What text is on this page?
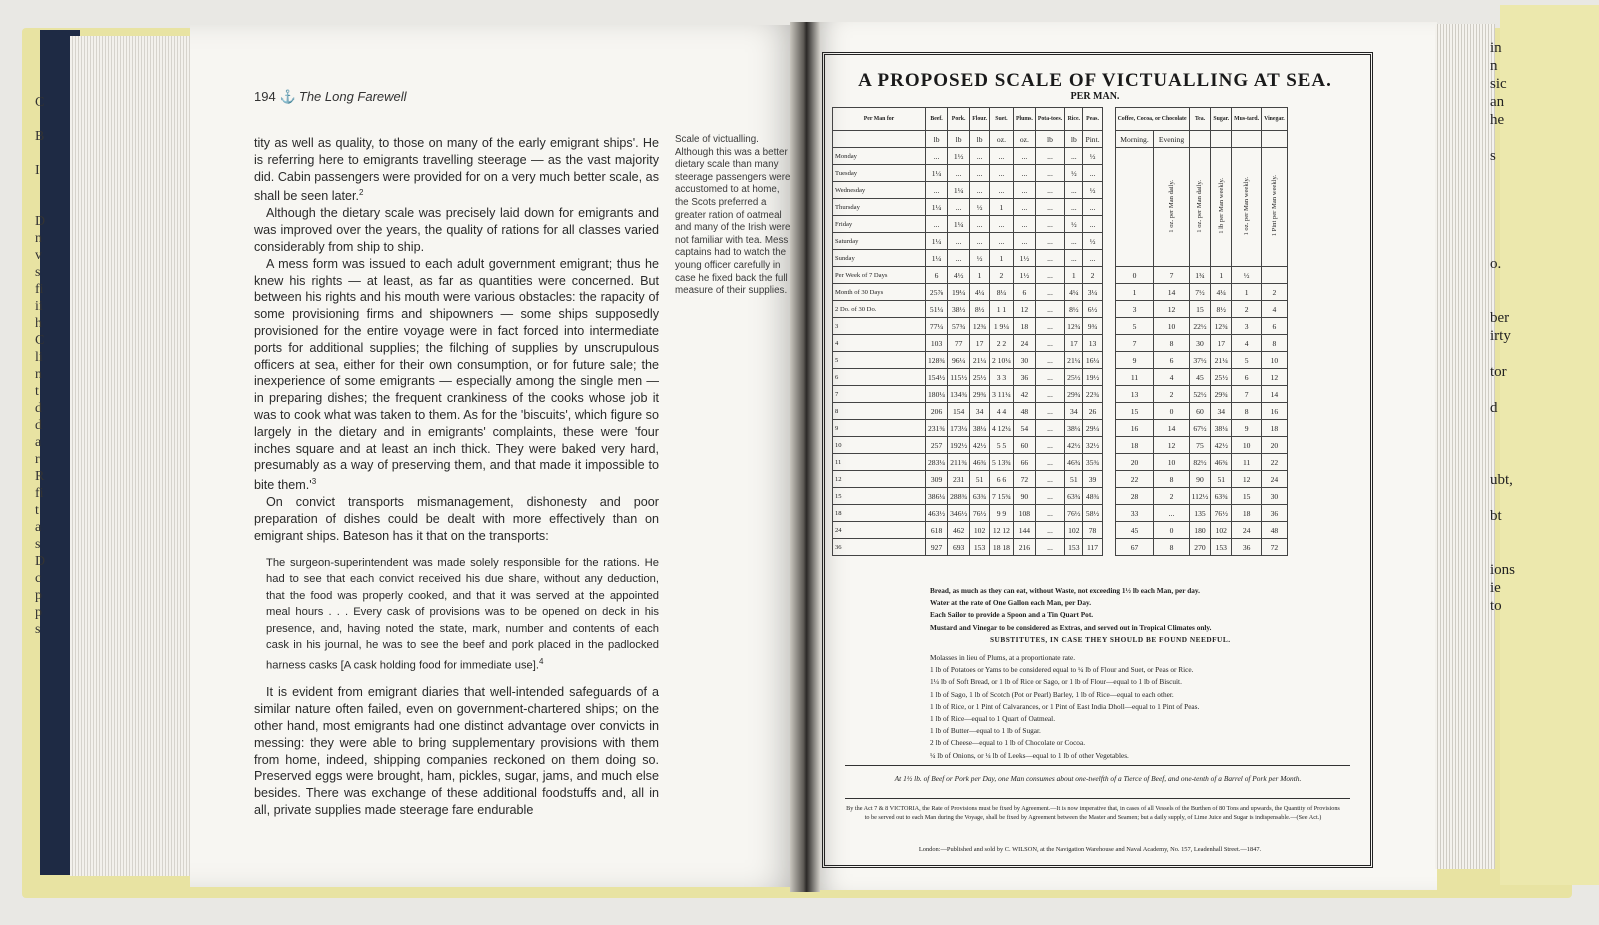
C
B
I
D
n
v
s
fi
ii
h
C
li
n
t
d
d
a
r
R
fi
t
a
s
D
c
p
p
s
in
n
sic
an
he
s
o.
ber
irty
tor
d
ubt,
bt
ions
ie
to
194 ⚓ The Long Farewell

tity as well as quality, to those on many of the early emigrant ships'. He is referring here to emigrants travelling steerage — as the vast majority did. Cabin passengers were provided for on a very much better scale, as shall be seen later.$^2$

Although the dietary scale was precisely laid down for emigrants and was improved over the years, the quality of rations for all classes varied considerably from ship to ship.

A mess form was issued to each adult government emigrant; thus he knew his rights — at least, as far as quantities were concerned. But between his rights and his mouth were various obstacles: the rapacity of some provisioning firms and shipowners — some ships supposedly provisioned for the entire voyage were in fact forced into intermediate ports for additional supplies; the filching of supplies by unscrupulous officers at sea, either for their own consumption, or for future sale; the inexperience of some emigrants — especially among the single men — in preparing dishes; the frequent crankiness of the cooks whose job it was to cook what was taken to them. As for the 'biscuits', which figure so largely in the dietary and in emigrants' complaints, these were 'four inches square and at least an inch thick. They were baked very hard, presumably as a way of preserving them, and that made it impossible to bite $them.'^3$

On convict transports mismanagement, dishonesty and poor preparation of dishes could be dealt with more effectively than on emigrant ships. Bateson has it that on the transports:

The surgeon-superintendent was made solely responsible for the rations. He had to see that each convict received his due share, without any deduction, that the food was properly cooked, and that it was served at the appointed meal hours . . . Every cask of provisions was to be opened on deck in his presence, and, having noted the state, mark, number and contents of each cask in his journal, he was to see the beef and pork placed in the padlocked harness casks [A cask holding food for immediate use].$^4$

It is evident from emigrant diaries that well-intended safeguards of a similar nature often failed, even on government-chartered ships; on the other hand, most emigrants had one distinct advantage over convicts in messing: they were able to bring supplementary provisions with them from home, indeed, shipping companies reckoned on them doing so. Preserved eggs were brought, ham, pickles, sugar, jams, and much else besides. There was exchange of these additional foodstuffs and, all in all, private supplies made steerage fare endurable

Scale of victualling. Although this was a better dietary scale than many steerage passengers were accustomed to at home, the Scots preferred a greater ration of oatmeal and many of the Irish were not familiar with tea. Mess captains had to watch the young officer carefully in case he fixed back the full measure of their supplies.
A PROPOSED SCALE OF VICTUALLING AT SEA.
PER MAN.
Per Man for	Beef.	Pork.	Flour.	Suet.	Plums.	Pota-toes.	Rice.	Peas.		Coffee, Cocoa, or Chocolate		Tea.	Sugar.	Mus-tard.	Vinegar.
	lb	lb	lb	oz.	oz.	lb	lb	Pint.		Morning.	Evening				
Monday	...	1½	...	...	...	...	...	½			1 oz. per Man daily.	1 oz. per Man daily.	1 lb per Man weekly.	1 oz. per Man weekly.	1 Pint per Man weekly.
Tuesday	1¼	...	...	...	...	...	½	...							
Wednesday	...	1¼	...	...	...	...	...	½							
Thursday	1¼	...	½	1	...	...	...	...							
Friday	...	1¼	...	...	...	...	½	...							
Saturday	1¼	...	...	...	...	...	...	½							
Sunday	1¼	...	½	1	1½	...	...	...							
Per Week of 7 Days	6	4½	1	2	1½	...	1	2		0	7	1¾	1	½	
Month of 30 Days	25⅞	19¼	4¼	8¼	6	...	4¼	3¼		1	14	7½	4¼	1	2
2 Do. of 30 Do.	51¼	38½	8½	1 1	12	...	8½	6½		3	12	15	8½	2	4
3	77¼	57¾	12¾	1 9¼	18	...	12¾	9¾		5	10	22½	12¾	3	6
4	103	77	17	2 2	24	...	17	13		7	8	30	17	4	8
5	128¾	96¼	21¼	2 10¼	30	...	21¼	16¼		9	6	37½	21¼	5	10
6	154½	115½	25½	3 3	36	...	25½	19½		11	4	45	25½	6	12
7	180¼	134¾	29¾	3 11¼	42	...	29¾	22¾		13	2	52½	29¾	7	14
8	206	154	34	4 4	48	...	34	26		15	0	60	34	8	16
9	231¾	173¼	38¼	4 12¼	54	...	38¼	29¼		16	14	67½	38¼	9	18
10	257	192½	42½	5 5	60	...	42½	32½		18	12	75	42½	10	20
11	283¼	211¾	46¾	5 13¾	66	...	46¾	35¾		20	10	82½	46¾	11	22
12	309	231	51	6 6	72	...	51	39		22	8	90	51	12	24
15	386¼	288¾	63¾	7 15¾	90	...	63¾	48¾		28	2	112½	63¾	15	30
18	463½	346½	76½	9 9	108	...	76½	58½		33	...	135	76½	18	36
24	618	462	102	12 12	144	...	102	78		45	0	180	102	24	48
36	927	693	153	18 18	216	...	153	117		67	8	270	153	36	72
Bread, as much as they can eat, without Waste, not exceeding 1½ lb each Man, per day.
Water at the rate of One Gallon each Man, per Day.
Each Sailor to provide a Spoon and a Tin Quart Pot.
Mustard and Vinegar to be considered as Extras, and served out in Tropical Climates only.
SUBSTITUTES, IN CASE THEY SHOULD BE FOUND NEEDFUL.
Molasses in lieu of Plums, at a proportionate rate.
1 lb of Potatoes or Yams to be considered equal to ¼ lb of Flour and Suet, or Peas or Rice.
1¼ lb of Soft Bread, or 1 lb of Rice or Sago, or 1 lb of Flour—equal to 1 lb of Biscuit.
1 lb of Sago, 1 lb of Scotch (Pot or Pearl) Barley, 1 lb of Rice—equal to each other.
1 lb of Rice, or 1 Pint of Calvarances, or 1 Pint of East India Dholl—equal to 1 Pint of Peas.
1 lb of Rice—equal to 1 Quart of Oatmeal.
1 lb of Butter—equal to 1 lb of Sugar.
2 lb of Cheese—equal to 1 lb of Chocolate or Cocoa.
¼ lb of Onions, or ¼ lb of Leeks—equal to 1 lb of other Vegetables.
At 1½ lb. of Beef or Pork per Day, one Man consumes about one-twelfth of a Tierce of Beef, and one-tenth of a Barrel of Pork per Month.
By the Act 7 & 8 VICTORIA, the Rate of Provisions must be fixed by Agreement.—It is now imperative that, in cases of all Vessels of the Burthen of 80 Tons and upwards, the Quantity of Provisions to be served out to each Man during the Voyage, shall be fixed by Agreement between the Master and Seamen; but a daily supply, of Lime Juice and Sugar is indispensable.—(See Act.)
London:—Published and sold by C. WILSON, at the Navigation Warehouse and Naval Academy, No. 157, Leadenhall Street.—1847.
